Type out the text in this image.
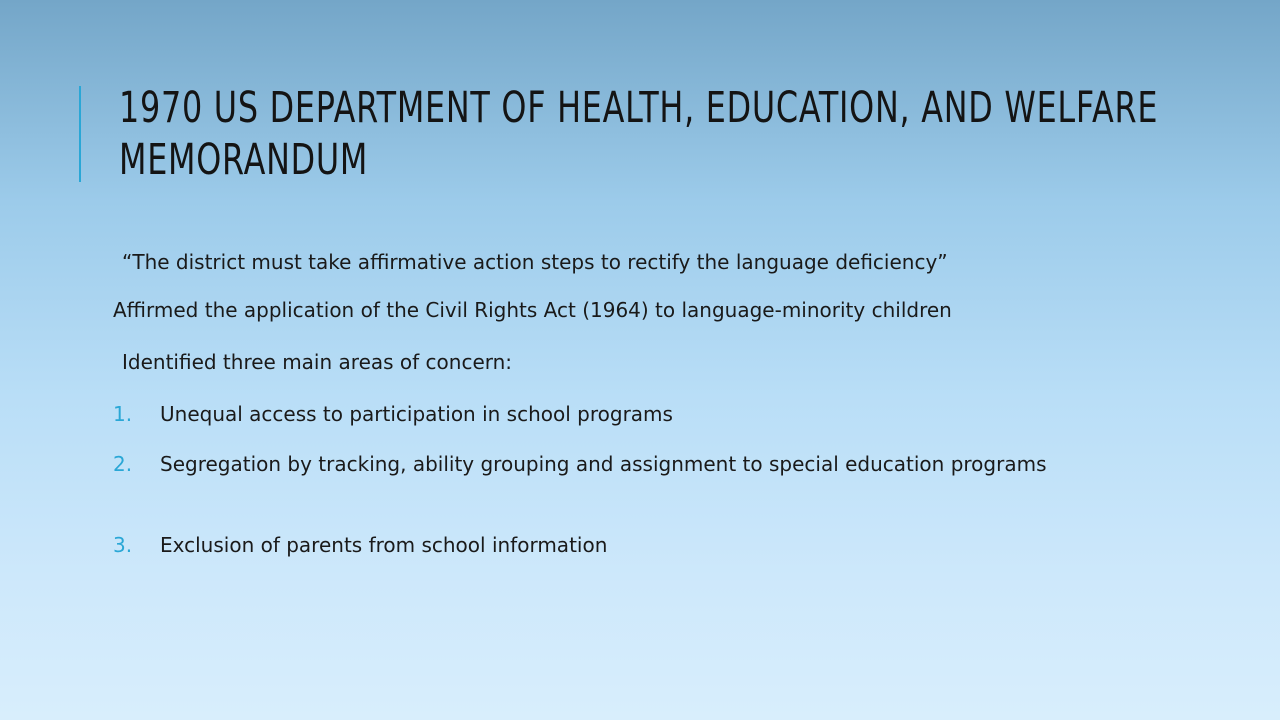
1970 US DEPARTMENT OF HEALTH, EDUCATION, AND WELFARE MEMORANDUM
“The district must take affirmative action steps to rectify the language deficiency”
Affirmed the application of the Civil Rights Act (1964) to language-minority children
Identified three main areas of concern:
1. Unequal access to participation in school programs
2. Segregation by tracking, ability grouping and assignment to special education programs
3. Exclusion of parents from school information
